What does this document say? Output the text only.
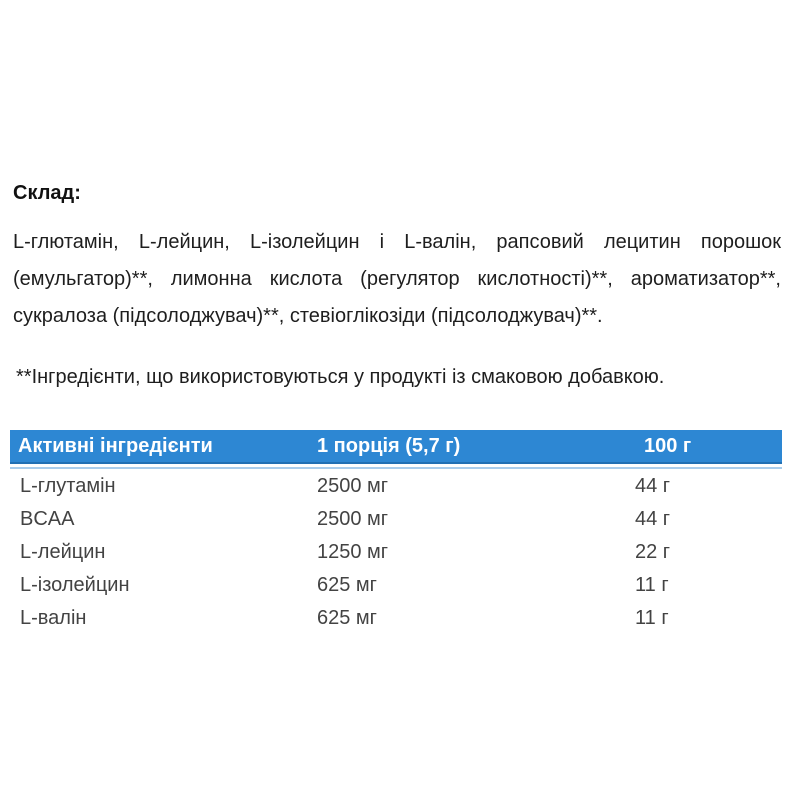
Склад:
L-глютамін, L-лейцин, L-ізолейцин і L-валін, рапсовий лецитин порошок
(емульгатор)**, лимонна кислота (регулятор кислотності)**, ароматизатор**,
сукралоза (підсолоджувач)**, стевіоглікозіди (підсолоджувач)**.
**Інгредієнти, що використовуються у продукті із смаковою добавкою.
Активні інгредієнти	1 порція (5,7 г)	100 г
L-глутамін	2500 мг	44 г
BCAA	2500 мг	44 г
L-лейцин	1250 мг	22 г
L-ізолейцин	625 мг	11 г
L-валін	625 мг	11 г
